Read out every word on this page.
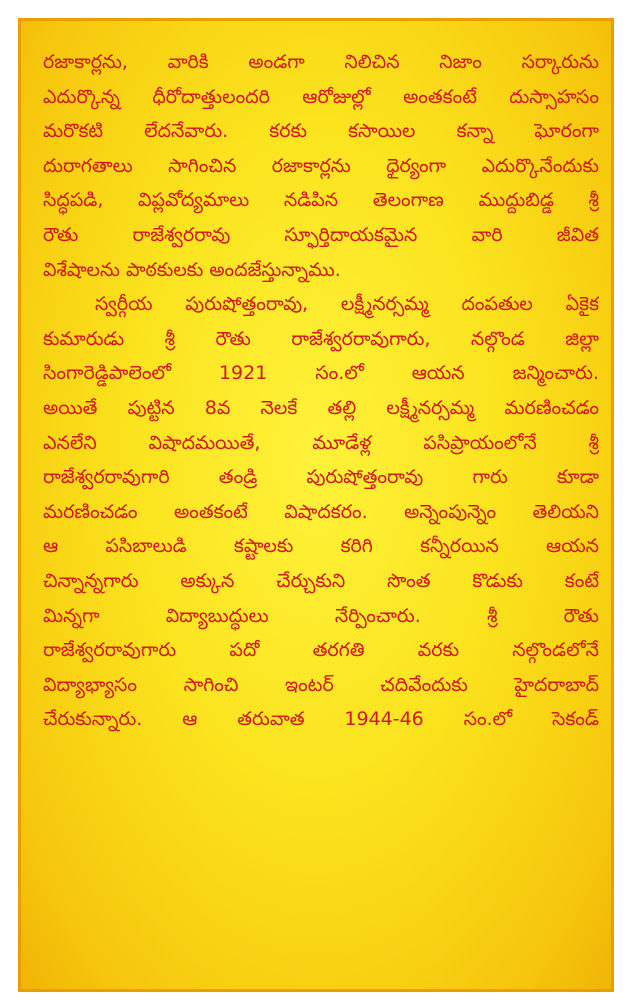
రజాకార్లను, వారికి అండగా నిలిచిన నిజాం సర్కారును
ఎదుర్కొన్న ధీరోదాత్తులందరి ఆరోజుల్లో అంతకంటే దుస్సాహసం
మరొకటి లేదనేవారు. కరకు కసాయిల కన్నా ఘోరంగా
దురాగతాలు సాగించిన రజాకార్లను ధైర్యంగా ఎదుర్కొనేందుకు
సిద్ధపడి, విప్లవోద్యమాలు నడిపిన తెలంగాణ ముద్దుబిడ్డ శ్రీ
రౌతు రాజేశ్వరరావు స్ఫూర్తిదాయకమైన వారి జీవిత
విశేషాలను పాఠకులకు అందజేస్తున్నాము.
స్వర్గీయ పురుషోత్తంరావు, లక్ష్మీనర్సమ్మ దంపతుల ఏకైక
కుమారుడు శ్రీ రౌతు రాజేశ్వరరావుగారు, నల్గొండ జిల్లా
సింగారెడ్డిపాలెంలో 1921 సం.లో ఆయన జన్మించారు.
అయితే పుట్టిన 8వ నెలకే తల్లి లక్ష్మీనర్సమ్మ మరణించడం
ఎనలేని విషాదమయితే, మూడేళ్ల పసిప్రాయంలోనే శ్రీ
రాజేశ్వరరావుగారి తండ్రి పురుషోత్తంరావు గారు కూడా
మరణించడం అంతకంటే విషాదకరం. అన్నెంపున్నెం తెలియని
ఆ పసిబాలుడి కష్టాలకు కరిగి కన్నీరయిన ఆయన
చిన్నాన్నగారు అక్కున చేర్చుకుని సొంత కొడుకు కంటే
మిన్నగా విద్యాబుద్ధులు నేర్పించారు. శ్రీ రౌతు
రాజేశ్వరరావుగారు పదో తరగతి వరకు నల్గొండలోనే
విద్యాభ్యాసం సాగించి ఇంటర్ చదివేందుకు హైదరాబాద్
చేరుకున్నారు. ఆ తరువాత 1944-46 సం.లో సెకండ్
